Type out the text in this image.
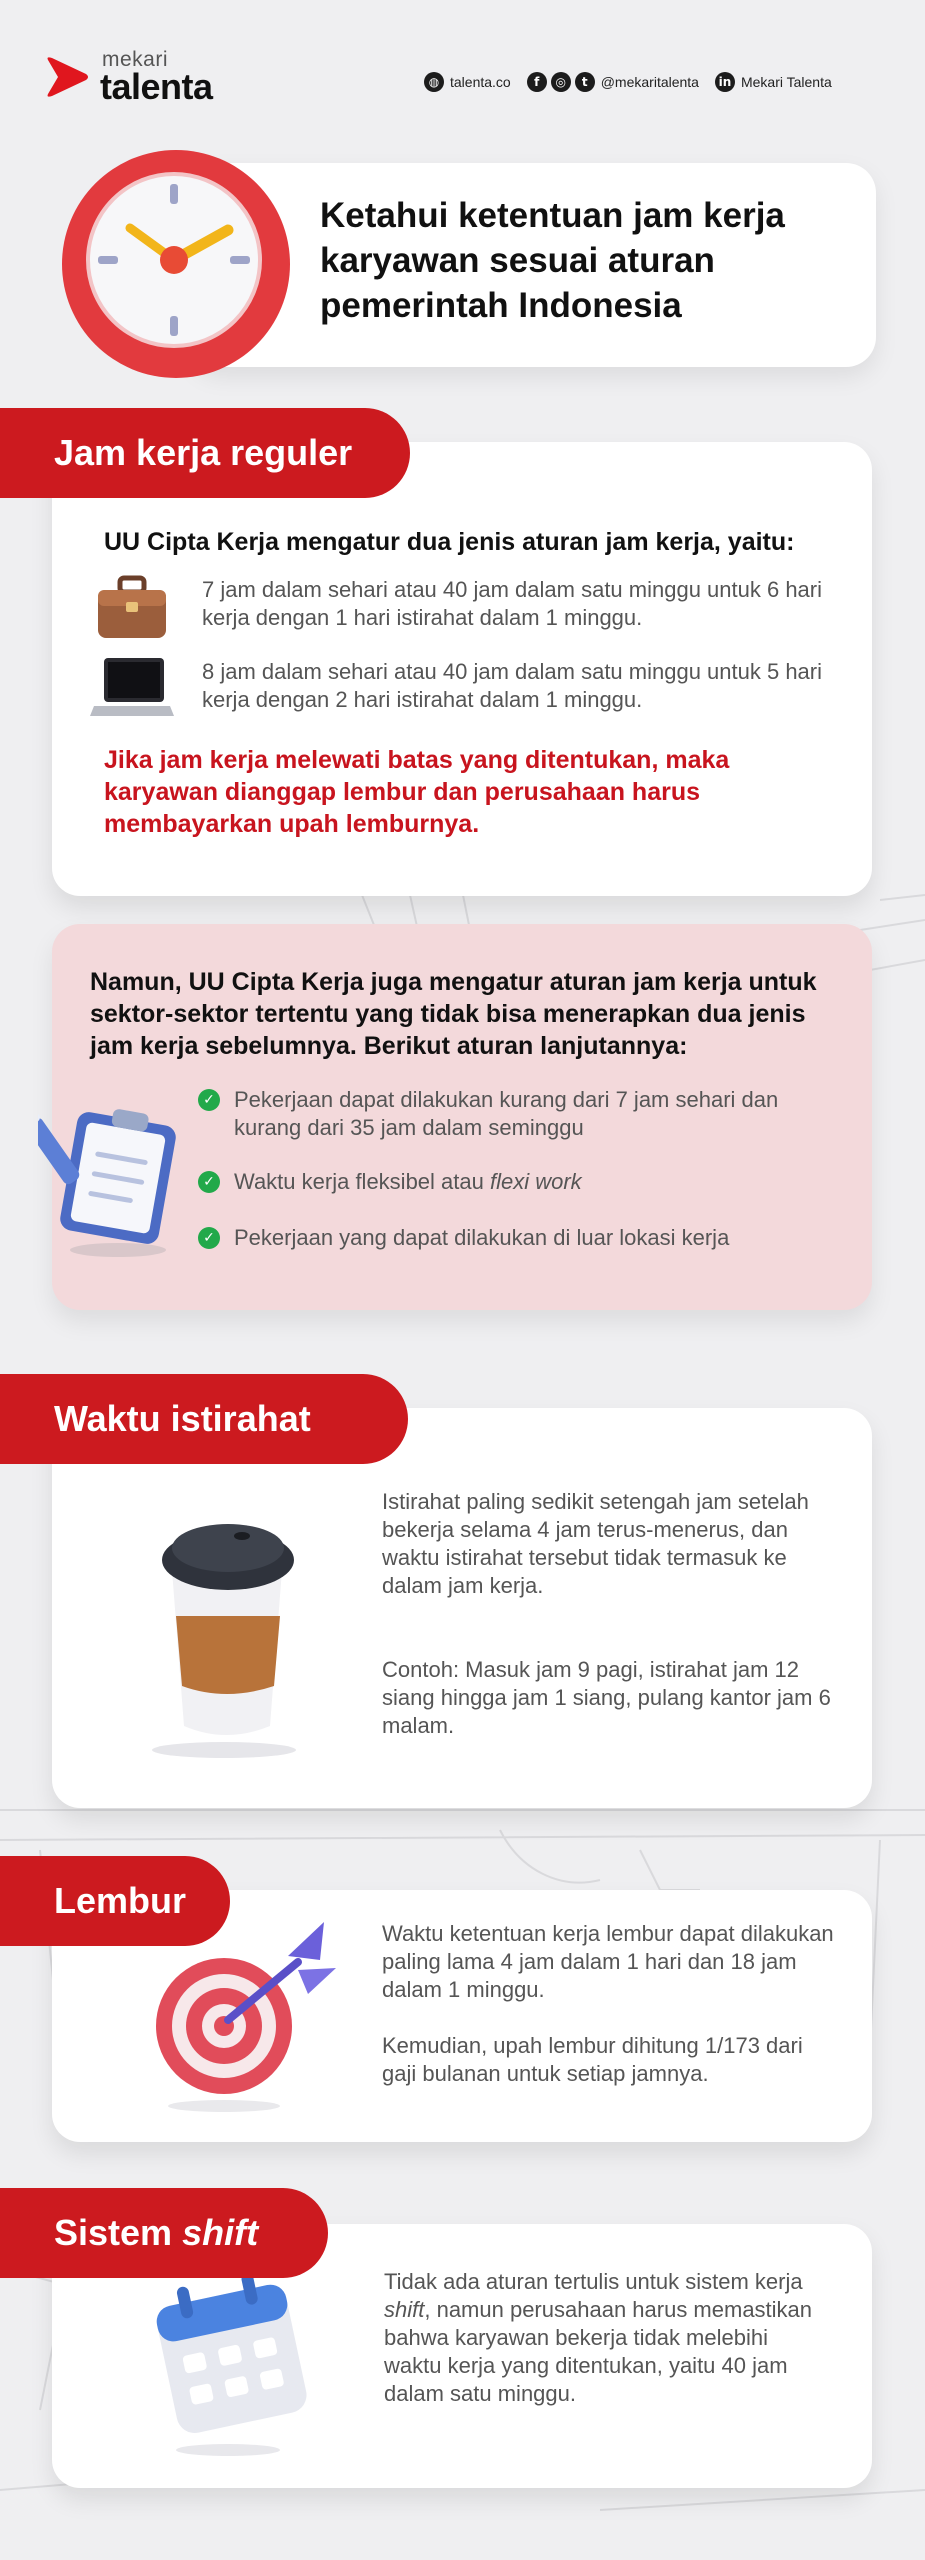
mekari
talenta	◍ talenta.co	f	◎	t @mekaritalenta	in Mekari Talenta
Ketahui ketentuan jam kerja karyawan sesuai aturan pemerintah Indonesia
Jam kerja reguler
UU Cipta Kerja mengatur dua jenis aturan jam kerja, yaitu:
7 jam dalam sehari atau 40 jam dalam satu minggu untuk 6 hari kerja dengan 1 hari istirahat dalam 1 minggu.
8 jam dalam sehari atau 40 jam dalam satu minggu untuk 5 hari kerja dengan 2 hari istirahat dalam 1 minggu.
Jika jam kerja melewati batas yang ditentukan, maka karyawan dianggap lembur dan perusahaan harus membayarkan upah lemburnya.
Namun, UU Cipta Kerja juga mengatur aturan jam kerja untuk sektor-sektor tertentu yang tidak bisa menerapkan dua jenis jam kerja sebelumnya. Berikut aturan lanjutannya:
✓ Pekerjaan dapat dilakukan kurang dari 7 jam sehari dan kurang dari 35 jam dalam seminggu
✓ Waktu kerja fleksibel atau flexi work
✓ Pekerjaan yang dapat dilakukan di luar lokasi kerja
Waktu istirahat
Istirahat paling sedikit setengah jam setelah bekerja selama 4 jam terus-menerus, dan waktu istirahat tersebut tidak termasuk ke dalam jam kerja.
Contoh: Masuk jam 9 pagi, istirahat jam 12 siang hingga jam 1 siang, pulang kantor jam 6 malam.
Lembur
Waktu ketentuan kerja lembur dapat dilakukan paling lama 4 jam dalam 1 hari dan 18 jam dalam 1 minggu.
Kemudian, upah lembur dihitung 1/173 dari gaji bulanan untuk setiap jamnya.
Sistem shift
Tidak ada aturan tertulis untuk sistem kerja shift, namun perusahaan harus memastikan bahwa karyawan bekerja tidak melebihi waktu kerja yang ditentukan, yaitu 40 jam dalam satu minggu.
